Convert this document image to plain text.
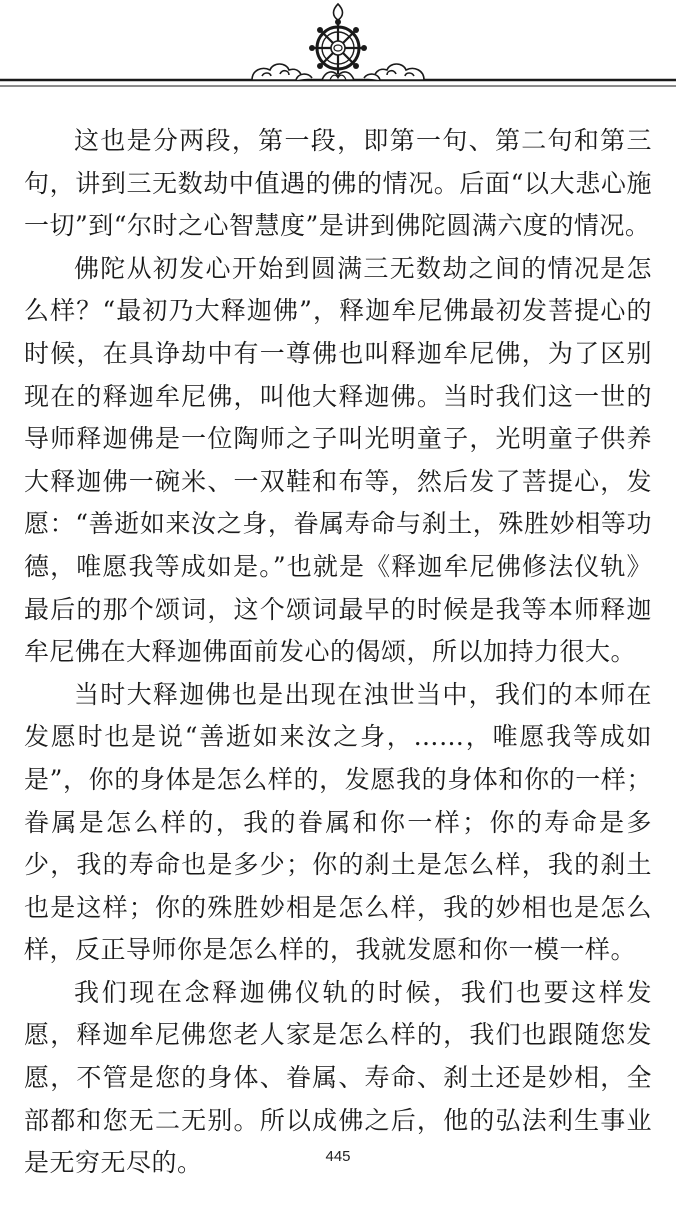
这也是分两段，第一段，即第一句、第二句和第三句，讲到三无数劫中值遇的佛的情况。后面“以大悲心施一切”到“尔时之心智慧度”是讲到佛陀圆满六度的情况。

佛陀从初发心开始到圆满三无数劫之间的情况是怎么样？“最初乃大释迦佛”，释迦牟尼佛最初发菩提心的时候，在具诤劫中有一尊佛也叫释迦牟尼佛，为了区别现在的释迦牟尼佛，叫他大释迦佛。当时我们这一世的导师释迦佛是一位陶师之子叫光明童子，光明童子供养大释迦佛一碗米、一双鞋和布等，然后发了菩提心，发愿：“善逝如来汝之身，眷属寿命与刹土，殊胜妙相等功德，唯愿我等成如是。”也就是《释迦牟尼佛修法仪轨》最后的那个颂词，这个颂词最早的时候是我等本师释迦牟尼佛在大释迦佛面前发心的偈颂，所以加持力很大。

当时大释迦佛也是出现在浊世当中，我们的本师在发愿时也是说“善逝如来汝之身，……，唯愿我等成如是”，你的身体是怎么样的，发愿我的身体和你的一样；眷属是怎么样的，我的眷属和你一样；你的寿命是多少，我的寿命也是多少；你的刹土是怎么样，我的刹土也是这样；你的殊胜妙相是怎么样，我的妙相也是怎么样，反正导师你是怎么样的，我就发愿和你一模一样。

我们现在念释迦佛仪轨的时候，我们也要这样发愿，释迦牟尼佛您老人家是怎么样的，我们也跟随您发愿，不管是您的身体、眷属、寿命、刹土还是妙相，全部都和您无二无别。所以成佛之后，他的弘法利生事业是无穷无尽的。	445
